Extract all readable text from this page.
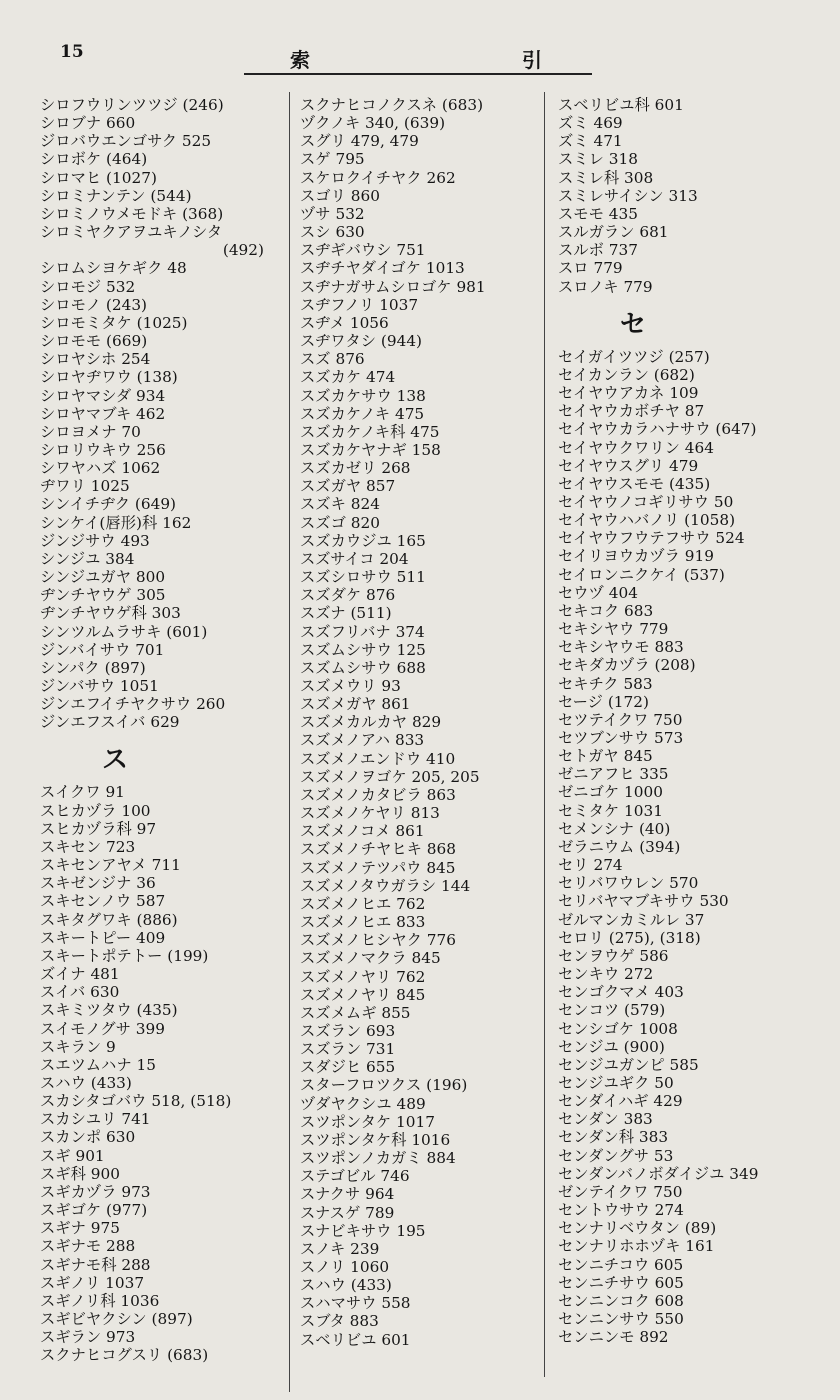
15	索	引
シロフウリンツツジ (246)
シロブナ 660
ジロバウエンゴサク 525
シロボケ (464)
シロマヒ (1027)
シロミナンテン (544)
シロミノウメモドキ (368)
シロミヤクアヲユキノシタ
(492)
シロムシヨケギク 48
シロモジ 532
シロモノ (243)
シロモミタケ (1025)
シロモモ (669)
シロヤシホ 254
シロヤヂワウ (138)
シロヤマシダ 934
シロヤマブキ 462
シロヨメナ 70
シロリウキウ 256
シワヤハズ 1062
ヂワリ 1025
シンイチヂク (649)
シンケイ(唇形)科 162
ジンジサウ 493
シンジユ 384
シンジユガヤ 800
ヂンチヤウゲ 305
ヂンチヤウゲ科 303
シンツルムラサキ (601)
ジンバイサウ 701
シンパク (897)
ジンバサウ 1051
ジンエフイチヤクサウ 260
ジンエフスイバ 629
ス
スイクワ 91
スヒカヅラ 100
スヒカヅラ科 97
スキセン 723
スキセンアヤメ 711
スキゼンジナ 36
スキセンノウ 587
スキタグワキ (886)
スキートピー 409
スキートポテトー (199)
ズイナ 481
スイバ 630
スキミツタウ (435)
スイモノグサ 399
スキラン 9
スエツムハナ 15
スハウ (433)
スカシタゴバウ 518, (518)
スカシユリ 741
スカンポ 630
スギ 901
スギ科 900
スギカヅラ 973
スギゴケ (977)
スギナ 975
スギナモ 288
スギナモ科 288
スギノリ 1037
スギノリ科 1036
スギビヤクシン (897)
スギラン 973
スクナヒコグスリ (683)
スクナヒコノクスネ (683)
ヅクノキ 340, (639)
スグリ 479, 479
スゲ 795
スケロクイチヤク 262
スゴリ 860
ヅサ 532
スシ 630
スヂギバウシ 751
スヂチヤダイゴケ 1013
スヂナガサムシロゴケ 981
スヂフノリ 1037
スヂメ 1056
スヂワタシ (944)
スズ 876
スズカケ 474
スズカケサウ 138
スズカケノキ 475
スズカケノキ科 475
スズカケヤナギ 158
スズカゼリ 268
スズガヤ 857
スズキ 824
スズゴ 820
スズカウジユ 165
スズサイコ 204
スズシロサウ 511
スズダケ 876
スズナ (511)
スズフリバナ 374
スズムシサウ 125
スズムシサウ 688
スズメウリ 93
スズメガヤ 861
スズメカルカヤ 829
スズメノアハ 833
スズメノエンドウ 410
スズメノヲゴケ 205, 205
スズメノカタビラ 863
スズメノケヤリ 813
スズメノコメ 861
スズメノチヤヒキ 868
スズメノテツパウ 845
スズメノタウガラシ 144
スズメノヒエ 762
スズメノヒエ 833
スズメノヒシヤク 776
スズメノマクラ 845
スズメノヤリ 762
スズメノヤリ 845
スズメムギ 855
スズラン 693
スズラン 731
スダジヒ 655
スターフロツクス (196)
ヅダヤクシユ 489
スツポンタケ 1017
スツポンタケ科 1016
スツポンノカガミ 884
ステゴビル 746
スナクサ 964
スナスゲ 789
スナビキサウ 195
スノキ 239
スノリ 1060
スハウ (433)
スハマサウ 558
スブタ 883
スベリビユ 601
スベリビユ科 601
ズミ 469
ズミ 471
スミレ 318
スミレ科 308
スミレサイシン 313
スモモ 435
スルガラン 681
スルボ 737
スロ 779
スロノキ 779
セ
セイガイツツジ (257)
セイカンラン (682)
セイヤウアカネ 109
セイヤウカボチヤ 87
セイヤウカラハナサウ (647)
セイヤウクワリン 464
セイヤウスグリ 479
セイヤウスモモ (435)
セイヤウノコギリサウ 50
セイヤウハバノリ (1058)
セイヤウフウテフサウ 524
セイリヨウカヅラ 919
セイロンニクケイ (537)
セウヅ 404
セキコク 683
セキシヤウ 779
セキシヤウモ 883
セキダカヅラ (208)
セキチク 583
セージ (172)
セツテイクワ 750
セツブンサウ 573
セトガヤ 845
ゼニアフヒ 335
ゼニゴケ 1000
セミタケ 1031
セメンシナ (40)
ゼラニウム (394)
セリ 274
セリバワウレン 570
セリバヤマブキサウ 530
ゼルマンカミルレ 37
セロリ (275), (318)
センヲウゲ 586
センキウ 272
センゴクマメ 403
センコツ (579)
センシゴケ 1008
センジユ (900)
センジユガンピ 585
センジユギク 50
センダイハギ 429
センダン 383
センダン科 383
センダングサ 53
センダンバノボダイジユ 349
ゼンテイクワ 750
セントウサウ 274
センナリベウタン (89)
センナリホホヅキ 161
センニチコウ 605
センニチサウ 605
センニンコク 608
センニンサウ 550
センニンモ 892
